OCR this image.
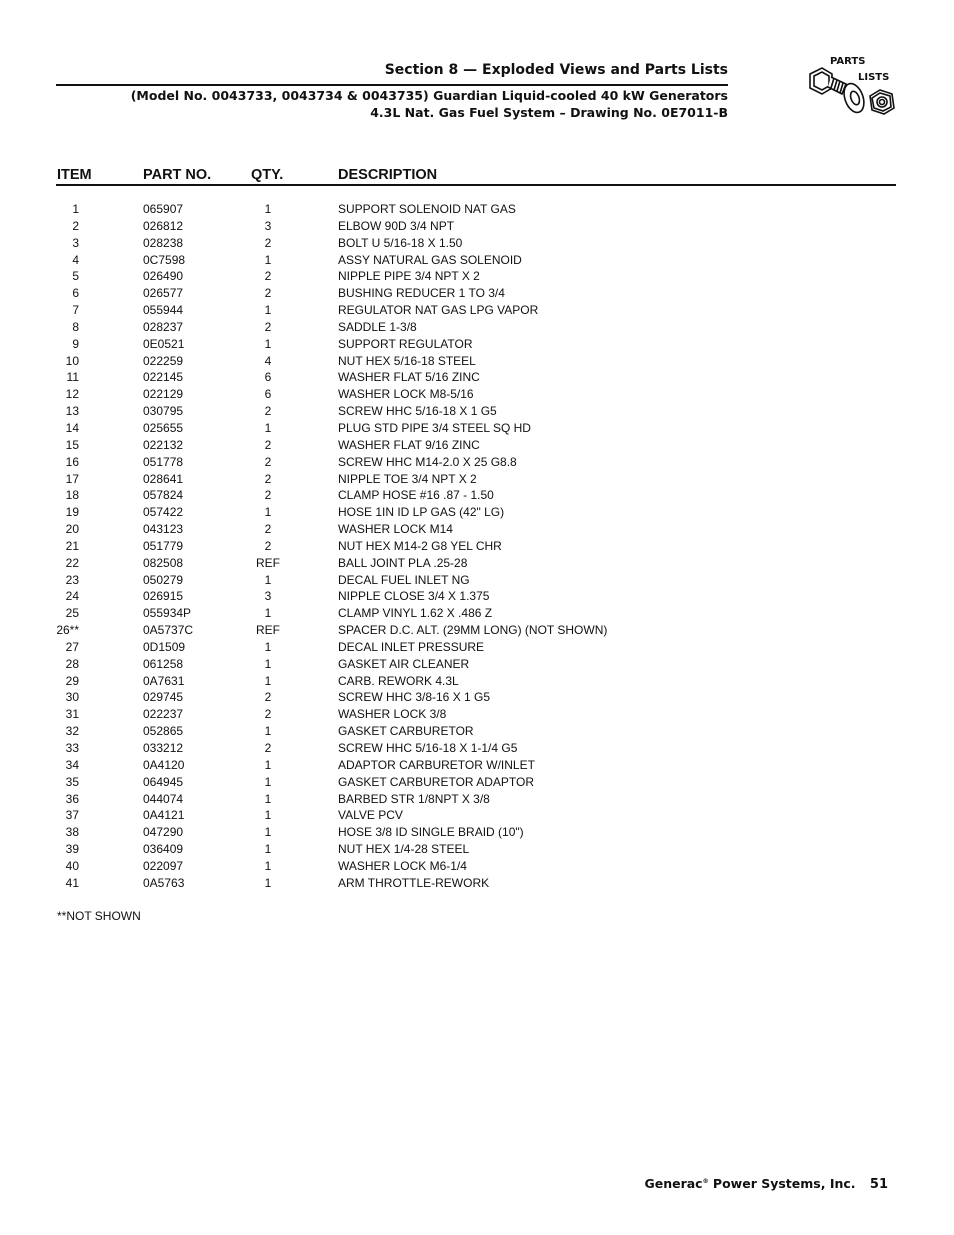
Section 8 — Exploded Views and Parts Lists
(Model No. 0043733, 0043734 & 0043735) Guardian Liquid-cooled 40 kW Generators
4.3L Nat. Gas Fuel System – Drawing No. 0E7011-B
PARTS
LISTS
ITEM	PART NO.	QTY.	DESCRIPTION
1	065907	1	SUPPORT SOLENOID NAT GAS
2	026812	3	ELBOW 90D 3/4 NPT
3	028238	2	BOLT U 5/16-18 X 1.50
4	0C7598	1	ASSY NATURAL GAS SOLENOID
5	026490	2	NIPPLE PIPE 3/4 NPT X 2
6	026577	2	BUSHING REDUCER 1 TO 3/4
7	055944	1	REGULATOR NAT GAS LPG VAPOR
8	028237	2	SADDLE 1-3/8
9	0E0521	1	SUPPORT REGULATOR
10	022259	4	NUT HEX 5/16-18 STEEL
11	022145	6	WASHER FLAT 5/16 ZINC
12	022129	6	WASHER LOCK M8-5/16
13	030795	2	SCREW HHC 5/16-18 X 1 G5
14	025655	1	PLUG STD PIPE 3/4 STEEL SQ HD
15	022132	2	WASHER FLAT 9/16 ZINC
16	051778	2	SCREW HHC M14-2.0 X 25 G8.8
17	028641	2	NIPPLE TOE 3/4 NPT X 2
18	057824	2	CLAMP HOSE #16 .87 - 1.50
19	057422	1	HOSE 1IN ID LP GAS (42" LG)
20	043123	2	WASHER LOCK M14
21	051779	2	NUT HEX M14-2 G8 YEL CHR
22	082508	REF	BALL JOINT PLA .25-28
23	050279	1	DECAL FUEL INLET NG
24	026915	3	NIPPLE CLOSE 3/4 X 1.375
25	055934P	1	CLAMP VINYL 1.62 X .486 Z
26**	0A5737C	REF	SPACER D.C. ALT. (29MM LONG) (NOT SHOWN)
27	0D1509	1	DECAL INLET PRESSURE
28	061258	1	GASKET AIR CLEANER
29	0A7631	1	CARB. REWORK 4.3L
30	029745	2	SCREW HHC 3/8-16 X 1 G5
31	022237	2	WASHER LOCK 3/8
32	052865	1	GASKET CARBURETOR
33	033212	2	SCREW HHC 5/16-18 X 1-1/4 G5
34	0A4120	1	ADAPTOR CARBURETOR W/INLET
35	064945	1	GASKET CARBURETOR ADAPTOR
36	044074	1	BARBED STR 1/8NPT X 3/8
37	0A4121	1	VALVE PCV
38	047290	1	HOSE 3/8 ID SINGLE BRAID (10")
39	036409	1	NUT HEX 1/4-28 STEEL
40	022097	1	WASHER LOCK M6-1/4
41	0A5763	1	ARM THROTTLE-REWORK
**NOT SHOWN
Generac® Power Systems, Inc. 51
